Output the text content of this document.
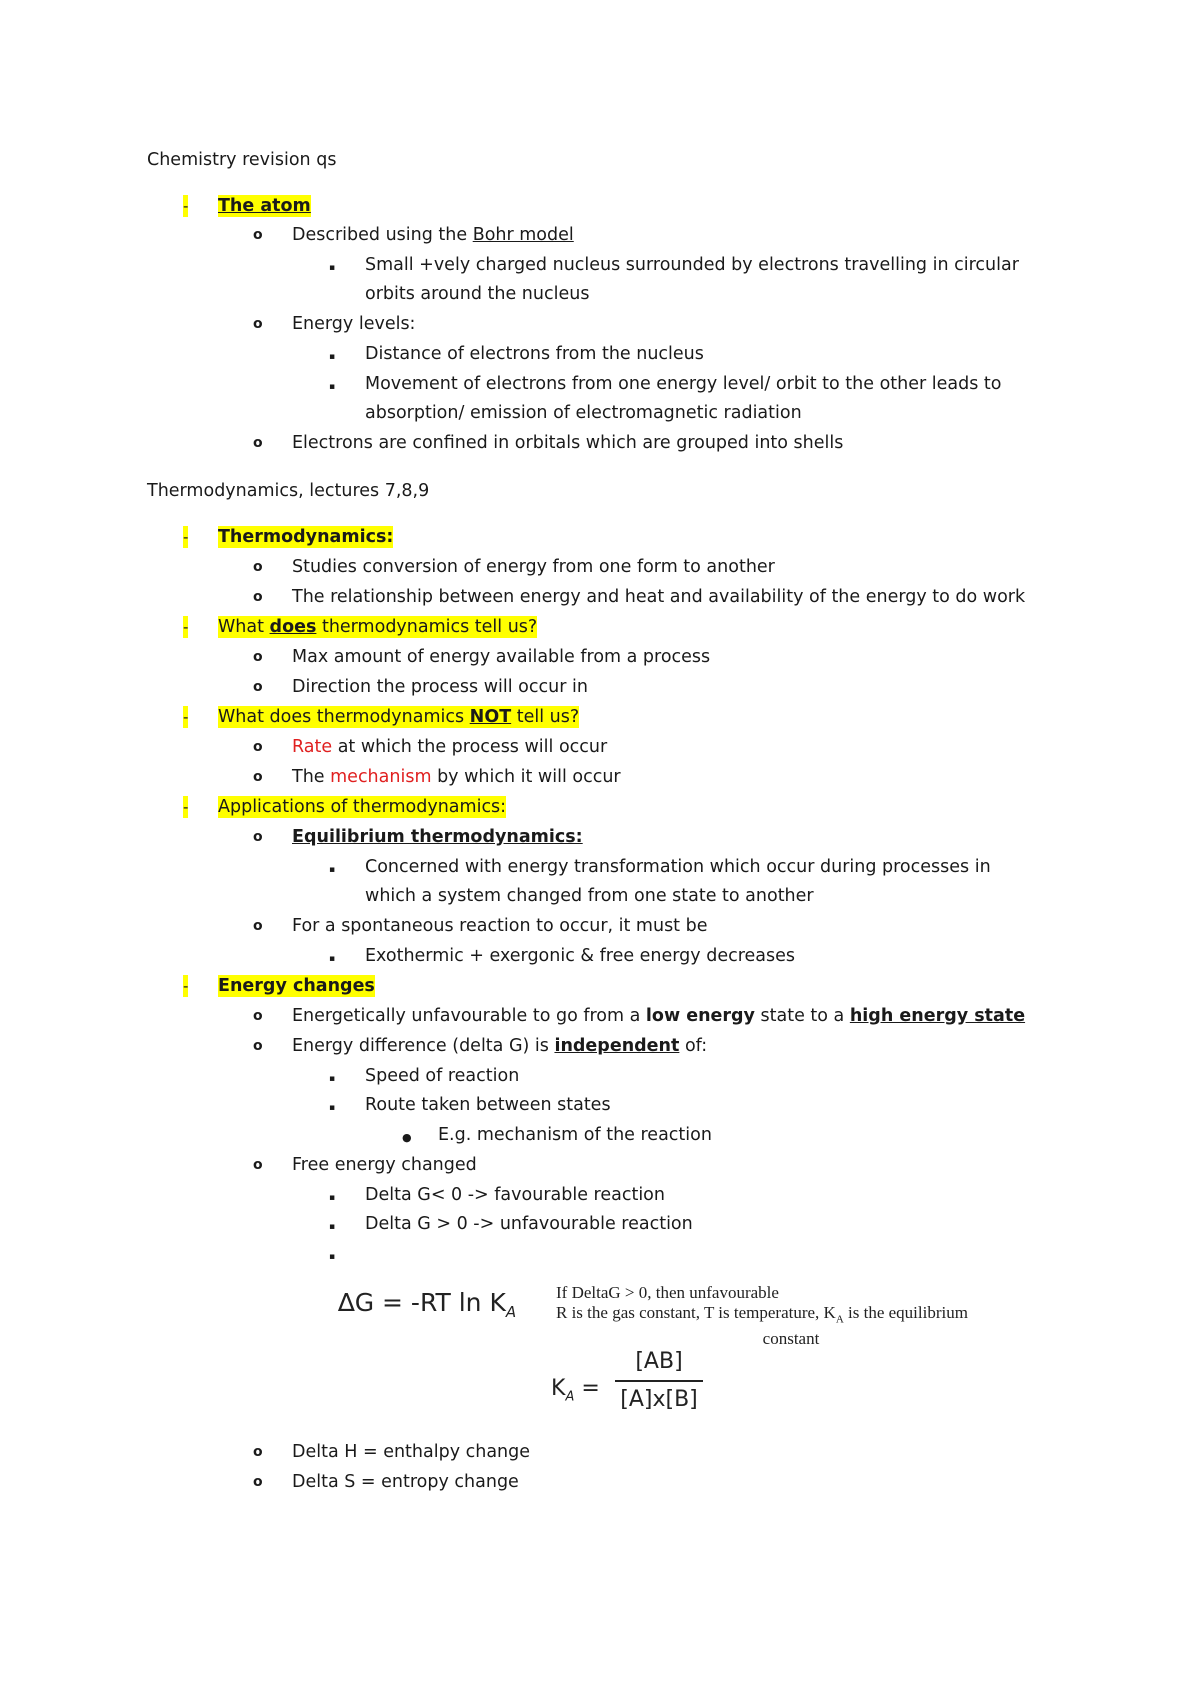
Chemistry revision qs
- The atom
o Described using the Bohr model
▪ Small +vely charged nucleus surrounded by electrons travelling in circular
orbits around the nucleus
o Energy levels:
▪ Distance of electrons from the nucleus
▪ Movement of electrons from one energy level/ orbit to the other leads to
absorption/ emission of electromagnetic radiation
o Electrons are confined in orbitals which are grouped into shells
Thermodynamics, lectures 7,8,9
- Thermodynamics:
o Studies conversion of energy from one form to another
o The relationship between energy and heat and availability of the energy to do work
- What does thermodynamics tell us?
o Max amount of energy available from a process
o Direction the process will occur in
- What does thermodynamics NOT tell us?
o Rate at which the process will occur
o The mechanism by which it will occur
- Applications of thermodynamics:
o Equilibrium thermodynamics:
▪ Concerned with energy transformation which occur during processes in
which a system changed from one state to another
o For a spontaneous reaction to occur, it must be
▪ Exothermic + exergonic & free energy decreases
- Energy changes
o Energetically unfavourable to go from a low energy state to a high energy state
o Energy difference (delta G) is independent of:
▪ Speed of reaction
▪ Route taken between states
● E.g. mechanism of the reaction
o Free energy changed
▪ Delta G< 0 -> favourable reaction
▪ Delta G > 0 -> unfavourable reaction
▪
∆G = -RT $\ln K_A$
If DeltaG > 0, then unfavourable
R is the gas constant, T is temperature, $K_A$ is the equilibrium
constant
$K_A$ =
[AB]
[A]x[B]
o Delta H = enthalpy change
o Delta S = entropy change
